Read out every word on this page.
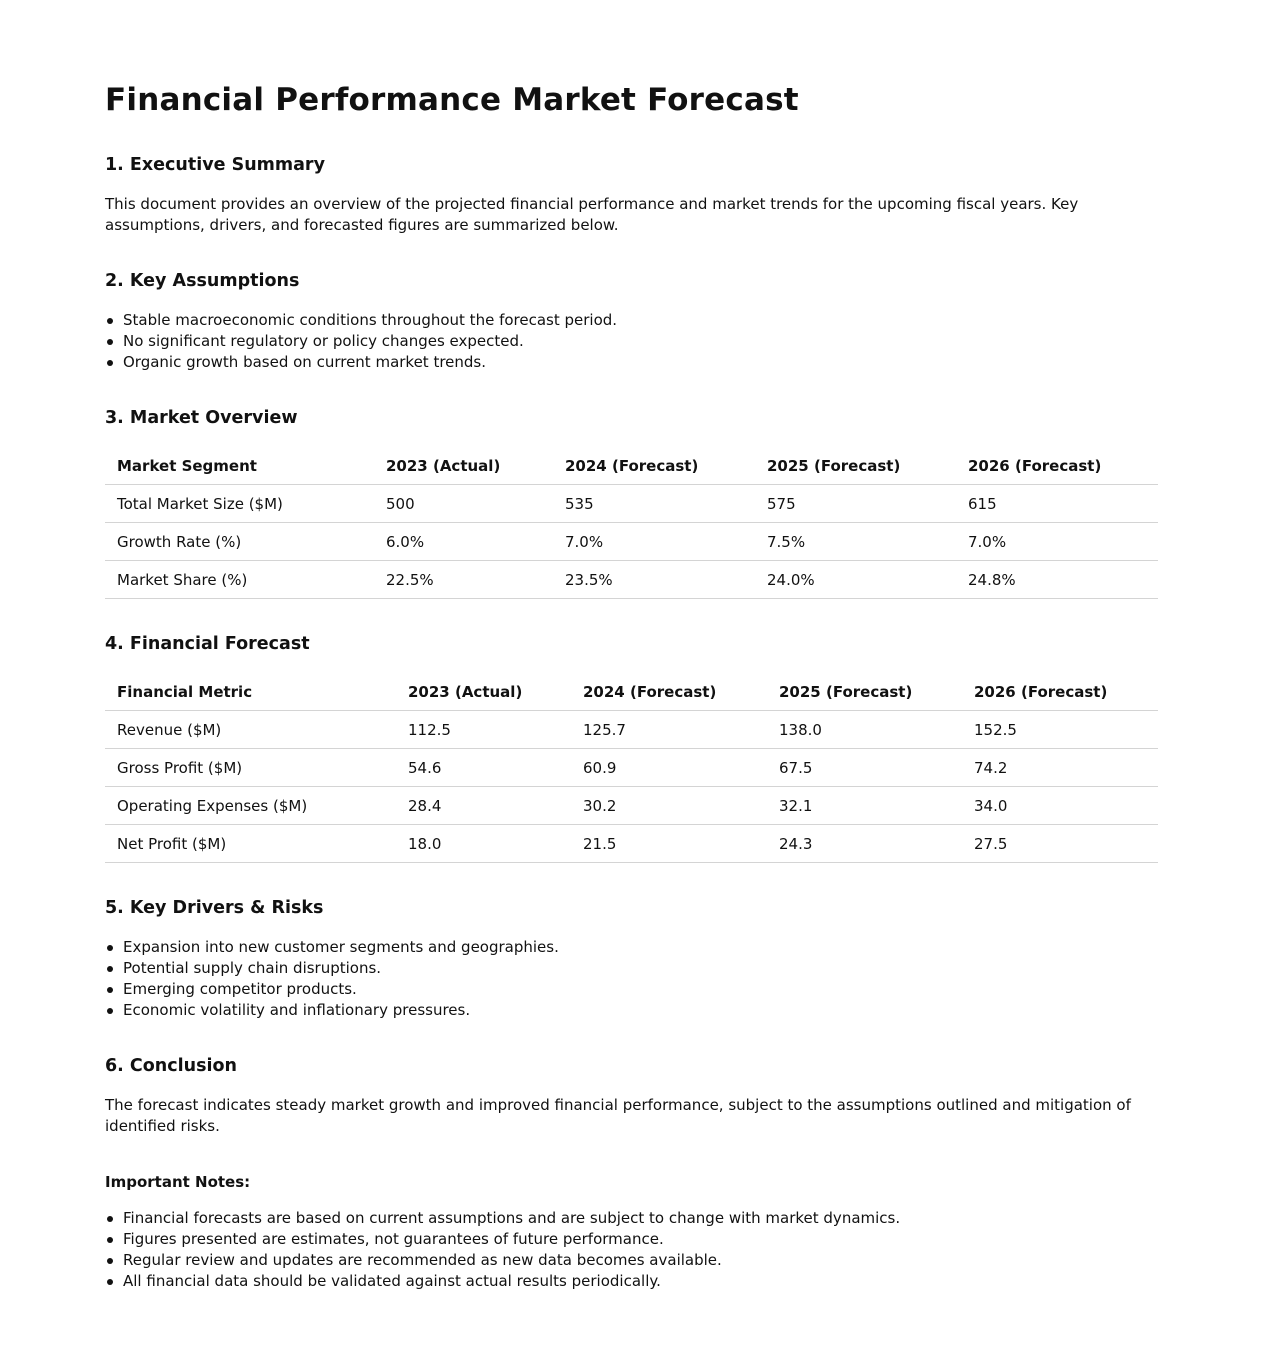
Financial Performance Market Forecast
1. Executive Summary

This document provides an overview of the projected financial performance and market trends for the upcoming fiscal years. Key assumptions, drivers, and forecasted figures are summarized below.

2. Key Assumptions
Stable macroeconomic conditions throughout the forecast period.
No significant regulatory or policy changes expected.
Organic growth based on current market trends.
3. Market Overview
Market Segment	2023 (Actual)	2024 (Forecast)	2025 (Forecast)	2026 (Forecast)
Total Market Size ($M)	500	535	575	615
Growth Rate (%)	6.0%	7.0%	7.5%	7.0%
Market Share (%)	22.5%	23.5%	24.0%	24.8%
4. Financial Forecast
Financial Metric	2023 (Actual)	2024 (Forecast)	2025 (Forecast)	2026 (Forecast)
Revenue ($M)	112.5	125.7	138.0	152.5
Gross Profit ($M)	54.6	60.9	67.5	74.2
Operating Expenses ($M)	28.4	30.2	32.1	34.0
Net Profit ($M)	18.0	21.5	24.3	27.5
5. Key Drivers & Risks
Expansion into new customer segments and geographies.
Potential supply chain disruptions.
Emerging competitor products.
Economic volatility and inflationary pressures.
6. Conclusion

The forecast indicates steady market growth and improved financial performance, subject to the assumptions outlined and mitigation of identified risks.

Important Notes:
Financial forecasts are based on current assumptions and are subject to change with market dynamics.
Figures presented are estimates, not guarantees of future performance.
Regular review and updates are recommended as new data becomes available.
All financial data should be validated against actual results periodically.
